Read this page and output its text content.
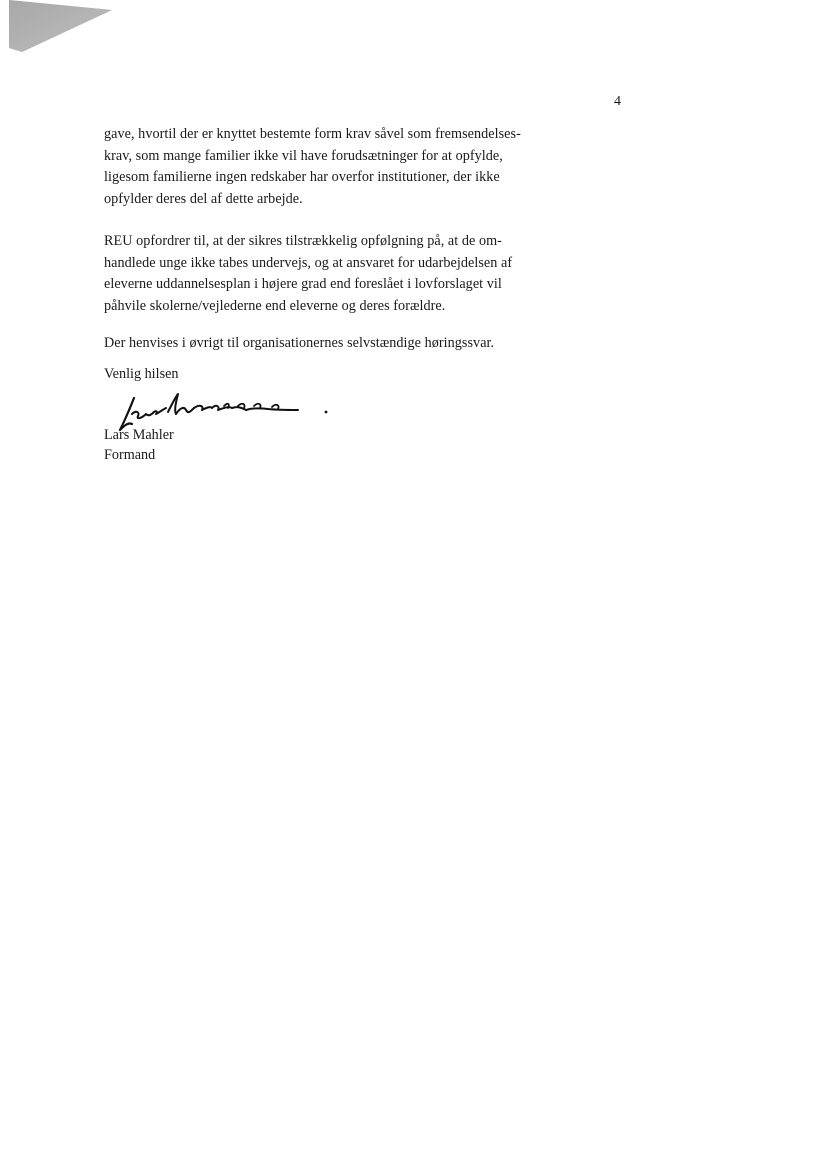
4

gave, hvortil der er knyttet bestemte form krav såvel som fremsendelses-
krav, som mange familier ikke vil have forudsætninger for at opfylde,
ligesom familierne ingen redskaber har overfor institutioner, der ikke
opfylder deres del af dette arbejde.

REU opfordrer til, at der sikres tilstrækkelig opfølgning på, at de om-
handlede unge ikke tabes undervejs, og at ansvaret for udarbejdelsen af
eleverne uddannelsesplan i højere grad end foreslået i lovforslaget vil
påhvile skolerne/vejlederne end eleverne og deres forældre.

Der henvises i øvrigt til organisationernes selvstændige høringssvar.

Venlig hilsen
Lars Mahler
Formand
